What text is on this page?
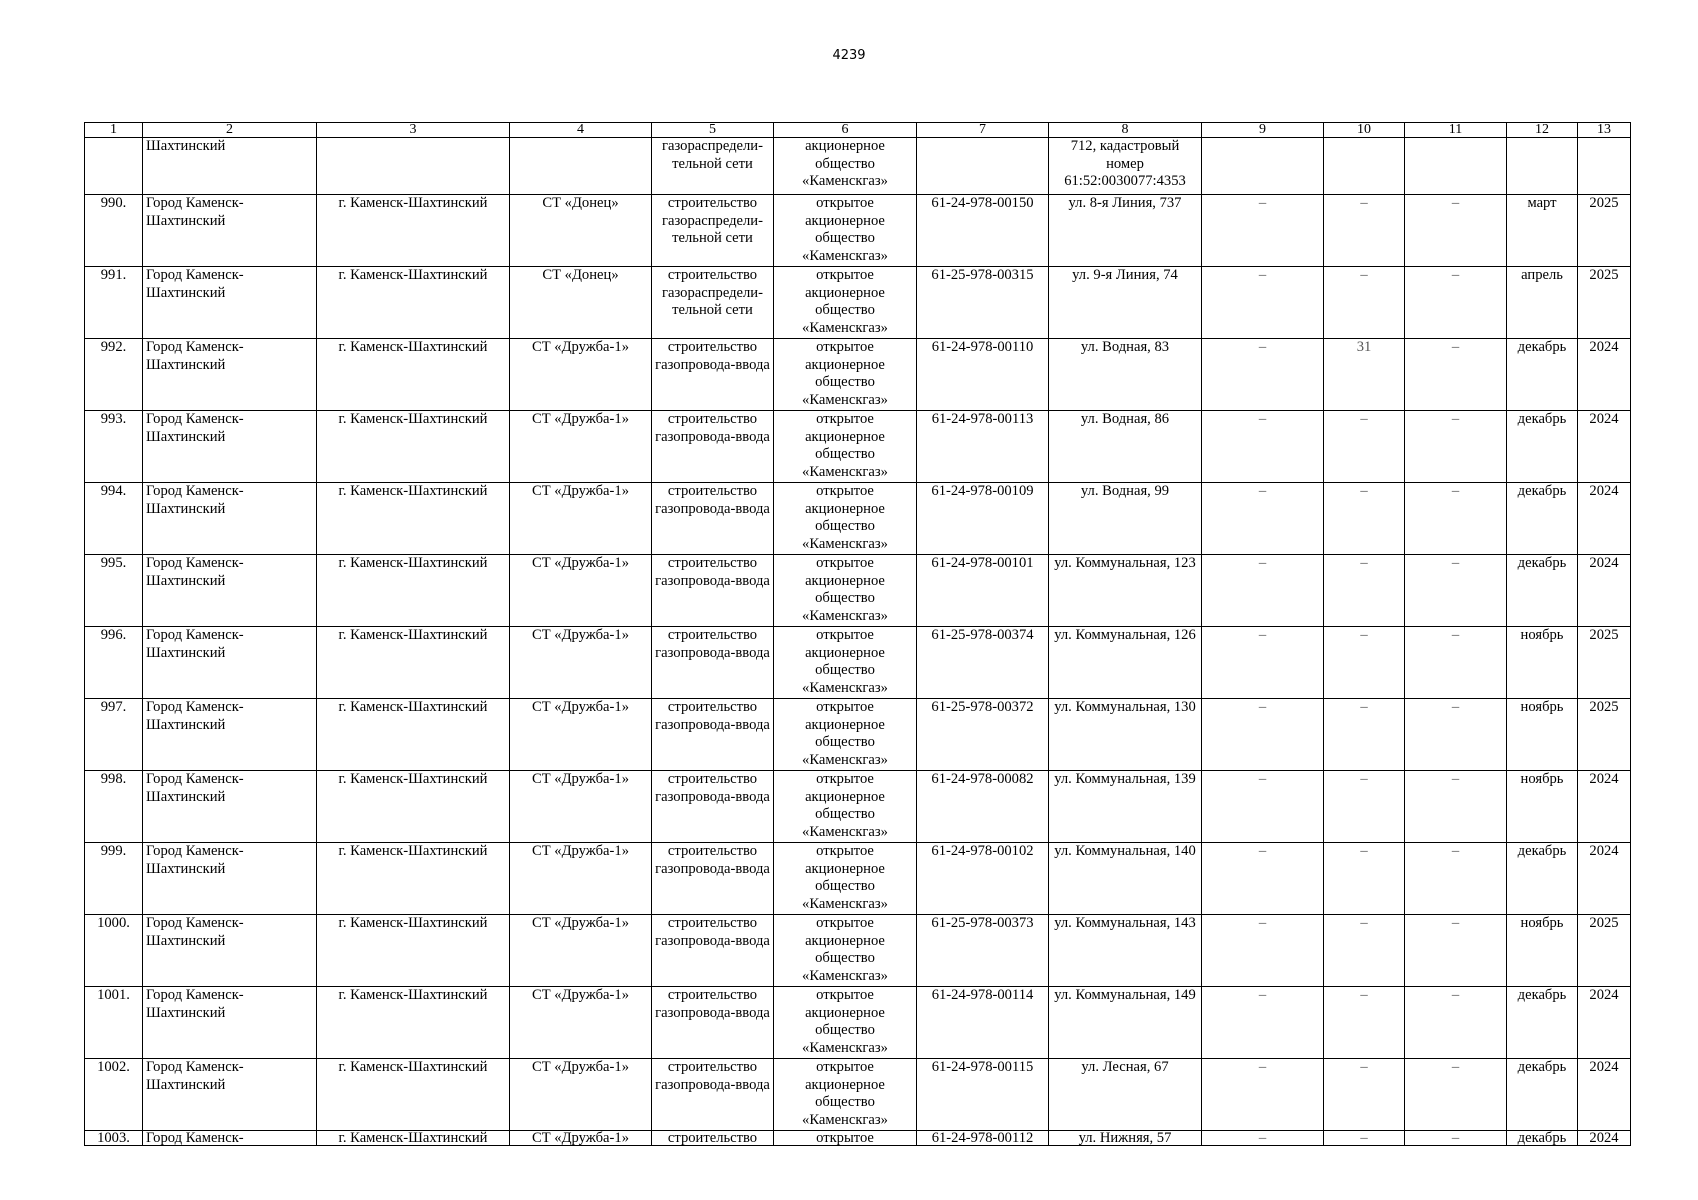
4239
1	2	3	4	5	6	7	8	9	10	11	12	13
	Шахтинский			газораспредели-тельной сети	акционерное общество «Каменскгаз»		712, кадастровый номер 61:52:0030077:4353					
990.	Город Каменск-Шахтинский	г. Каменск-Шахтинский	СТ «Донец»	строительство газораспредели-тельной сети	открытое акционерное общество «Каменскгаз»	61-24-978-00150	ул. 8-я Линия, 737	–	–	–	март	2025
991.	Город Каменск-Шахтинский	г. Каменск-Шахтинский	СТ «Донец»	строительство газораспредели-тельной сети	открытое акционерное общество «Каменскгаз»	61-25-978-00315	ул. 9-я Линия, 74	–	–	–	апрель	2025
992.	Город Каменск-Шахтинский	г. Каменск-Шахтинский	СТ «Дружба-1»	строительство газопровода-ввода	открытое акционерное общество «Каменскгаз»	61-24-978-00110	ул. Водная, 83	–	31	–	декабрь	2024
993.	Город Каменск-Шахтинский	г. Каменск-Шахтинский	СТ «Дружба-1»	строительство газопровода-ввода	открытое акционерное общество «Каменскгаз»	61-24-978-00113	ул. Водная, 86	–	–	–	декабрь	2024
994.	Город Каменск-Шахтинский	г. Каменск-Шахтинский	СТ «Дружба-1»	строительство газопровода-ввода	открытое акционерное общество «Каменскгаз»	61-24-978-00109	ул. Водная, 99	–	–	–	декабрь	2024
995.	Город Каменск-Шахтинский	г. Каменск-Шахтинский	СТ «Дружба-1»	строительство газопровода-ввода	открытое акционерное общество «Каменскгаз»	61-24-978-00101	ул. Коммунальная, 123	–	–	–	декабрь	2024
996.	Город Каменск-Шахтинский	г. Каменск-Шахтинский	СТ «Дружба-1»	строительство газопровода-ввода	открытое акционерное общество «Каменскгаз»	61-25-978-00374	ул. Коммунальная, 126	–	–	–	ноябрь	2025
997.	Город Каменск-Шахтинский	г. Каменск-Шахтинский	СТ «Дружба-1»	строительство газопровода-ввода	открытое акционерное общество «Каменскгаз»	61-25-978-00372	ул. Коммунальная, 130	–	–	–	ноябрь	2025
998.	Город Каменск-Шахтинский	г. Каменск-Шахтинский	СТ «Дружба-1»	строительство газопровода-ввода	открытое акционерное общество «Каменскгаз»	61-24-978-00082	ул. Коммунальная, 139	–	–	–	ноябрь	2024
999.	Город Каменск-Шахтинский	г. Каменск-Шахтинский	СТ «Дружба-1»	строительство газопровода-ввода	открытое акционерное общество «Каменскгаз»	61-24-978-00102	ул. Коммунальная, 140	–	–	–	декабрь	2024
1000.	Город Каменск-Шахтинский	г. Каменск-Шахтинский	СТ «Дружба-1»	строительство газопровода-ввода	открытое акционерное общество «Каменскгаз»	61-25-978-00373	ул. Коммунальная, 143	–	–	–	ноябрь	2025
1001.	Город Каменск-Шахтинский	г. Каменск-Шахтинский	СТ «Дружба-1»	строительство газопровода-ввода	открытое акционерное общество «Каменскгаз»	61-24-978-00114	ул. Коммунальная, 149	–	–	–	декабрь	2024
1002.	Город Каменск-Шахтинский	г. Каменск-Шахтинский	СТ «Дружба-1»	строительство газопровода-ввода	открытое акционерное общество «Каменскгаз»	61-24-978-00115	ул. Лесная, 67	–	–	–	декабрь	2024
1003.	Город Каменск-	г. Каменск-Шахтинский	СТ «Дружба-1»	строительство	открытое	61-24-978-00112	ул. Нижняя, 57	–	–	–	декабрь	2024
